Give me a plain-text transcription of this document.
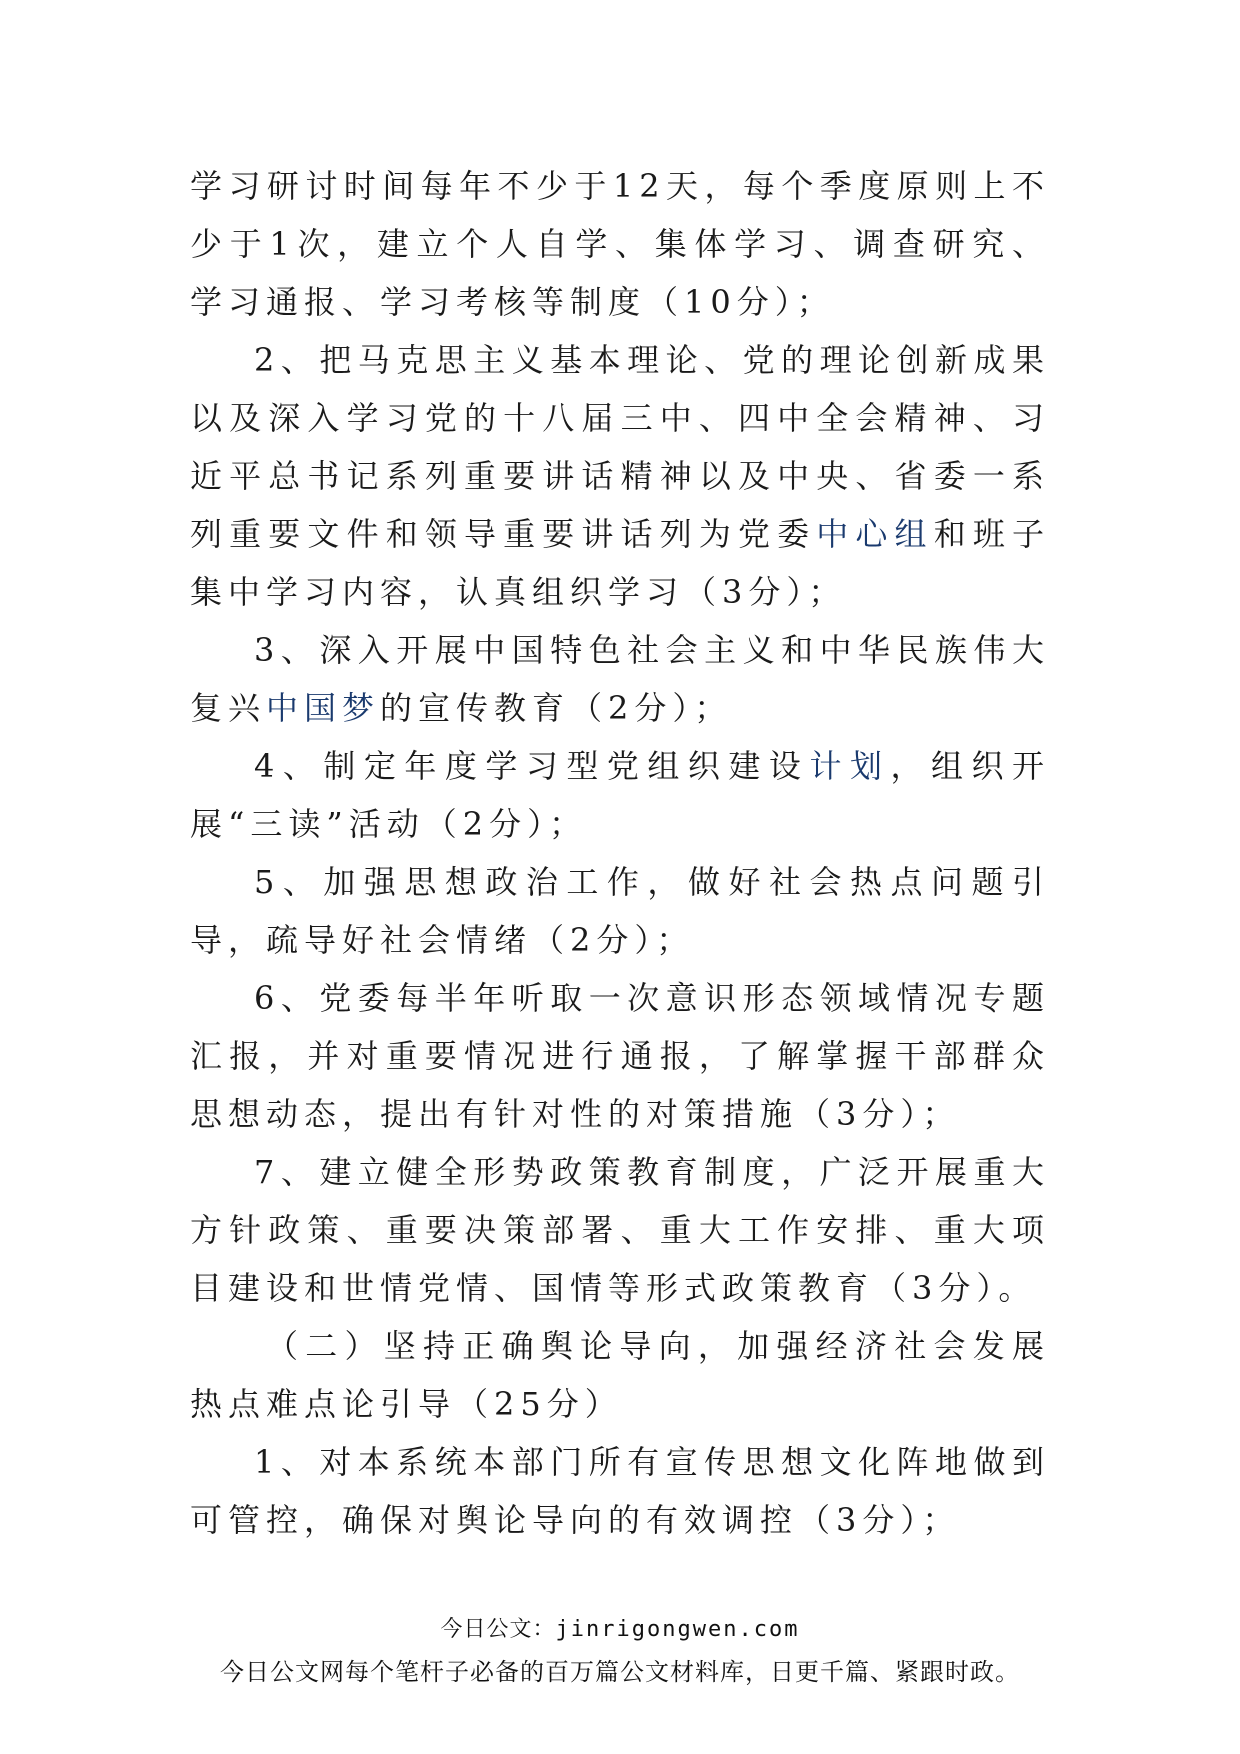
学习研讨时间每年不少于12天，每个季度原则上不少于1次，建立个人自学、集体学习、调查研究、学习通报、学习考核等制度（10分）；

2、把马克思主义基本理论、党的理论创新成果以及深入学习党的十八届三中、四中全会精神、习近平总书记系列重要讲话精神以及中央、省委一系列重要文件和领导重要讲话列为党委中心组和班子集中学习内容，认真组织学习（3分）；

3、深入开展中国特色社会主义和中华民族伟大复兴中国梦的宣传教育（2分）；

4、制定年度学习型党组织建设计划，组织开展“三读”活动（2分）；

5、加强思想政治工作，做好社会热点问题引导，疏导好社会情绪（2分）；

6、党委每半年听取一次意识形态领域情况专题汇报，并对重要情况进行通报，了解掌握干部群众思想动态，提出有针对性的对策措施（3分）；

7、建立健全形势政策教育制度，广泛开展重大方针政策、重要决策部署、重大工作安排、重大项目建设和世情党情、国情等形式政策教育（3分）。

（二）坚持正确舆论导向，加强经济社会发展热点难点论引导（25分）

1、对本系统本部门所有宣传思想文化阵地做到可管控，确保对舆论导向的有效调控（3分）；

今日公文：jinrigongwen.com
今日公文网每个笔杆子必备的百万篇公文材料库，日更千篇、紧跟时政。
